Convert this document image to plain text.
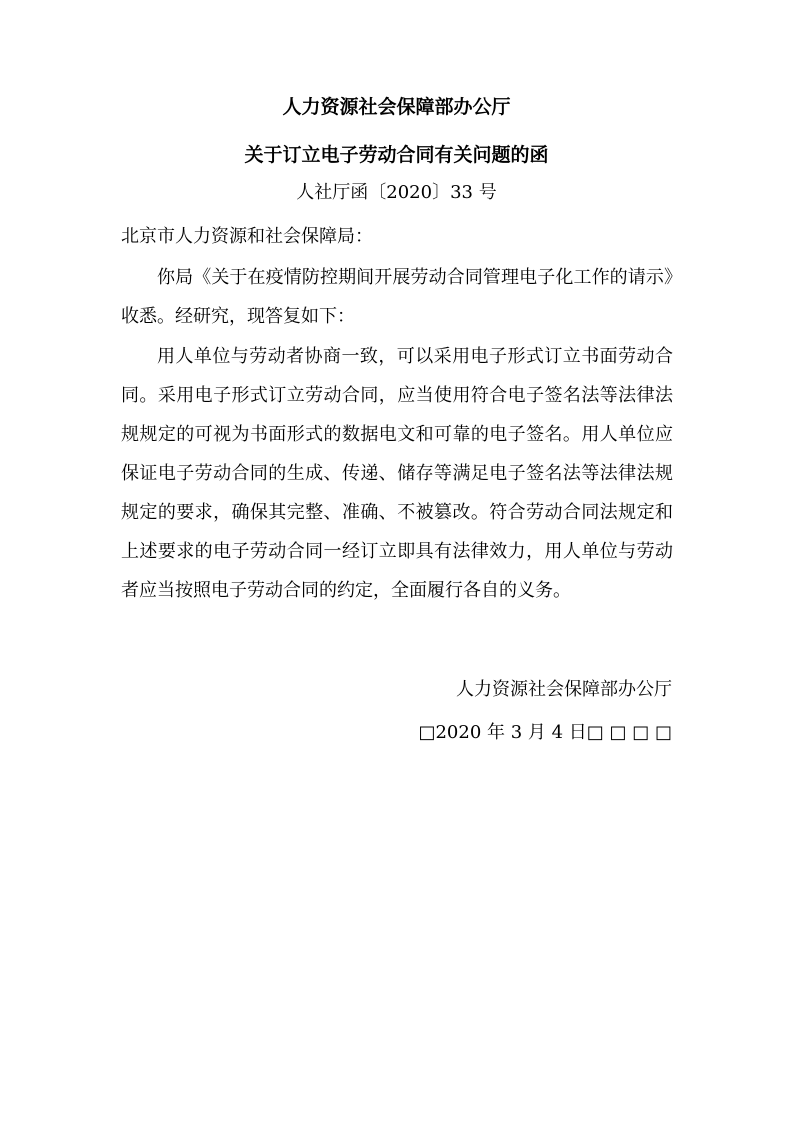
人力资源社会保障部办公厅
关于订立电子劳动合同有关问题的函
人社厅函〔2020〕33 号
北京市人力资源和社会保障局：
你局《关于在疫情防控期间开展劳动合同管理电子化工作的请示》收悉。经研究，现答复如下：
用人单位与劳动者协商一致，可以采用电子形式订立书面劳动合同。采用电子形式订立劳动合同，应当使用符合电子签名法等法律法规规定的可视为书面形式的数据电文和可靠的电子签名。用人单位应保证电子劳动合同的生成、传递、储存等满足电子签名法等法律法规规定的要求，确保其完整、准确、不被篡改。符合劳动合同法规定和上述要求的电子劳动合同一经订立即具有法律效力，用人单位与劳动者应当按照电子劳动合同的约定，全面履行各自的义务。
人力资源社会保障部办公厅
□2020 年 3 月 4 日□ □ □ □
